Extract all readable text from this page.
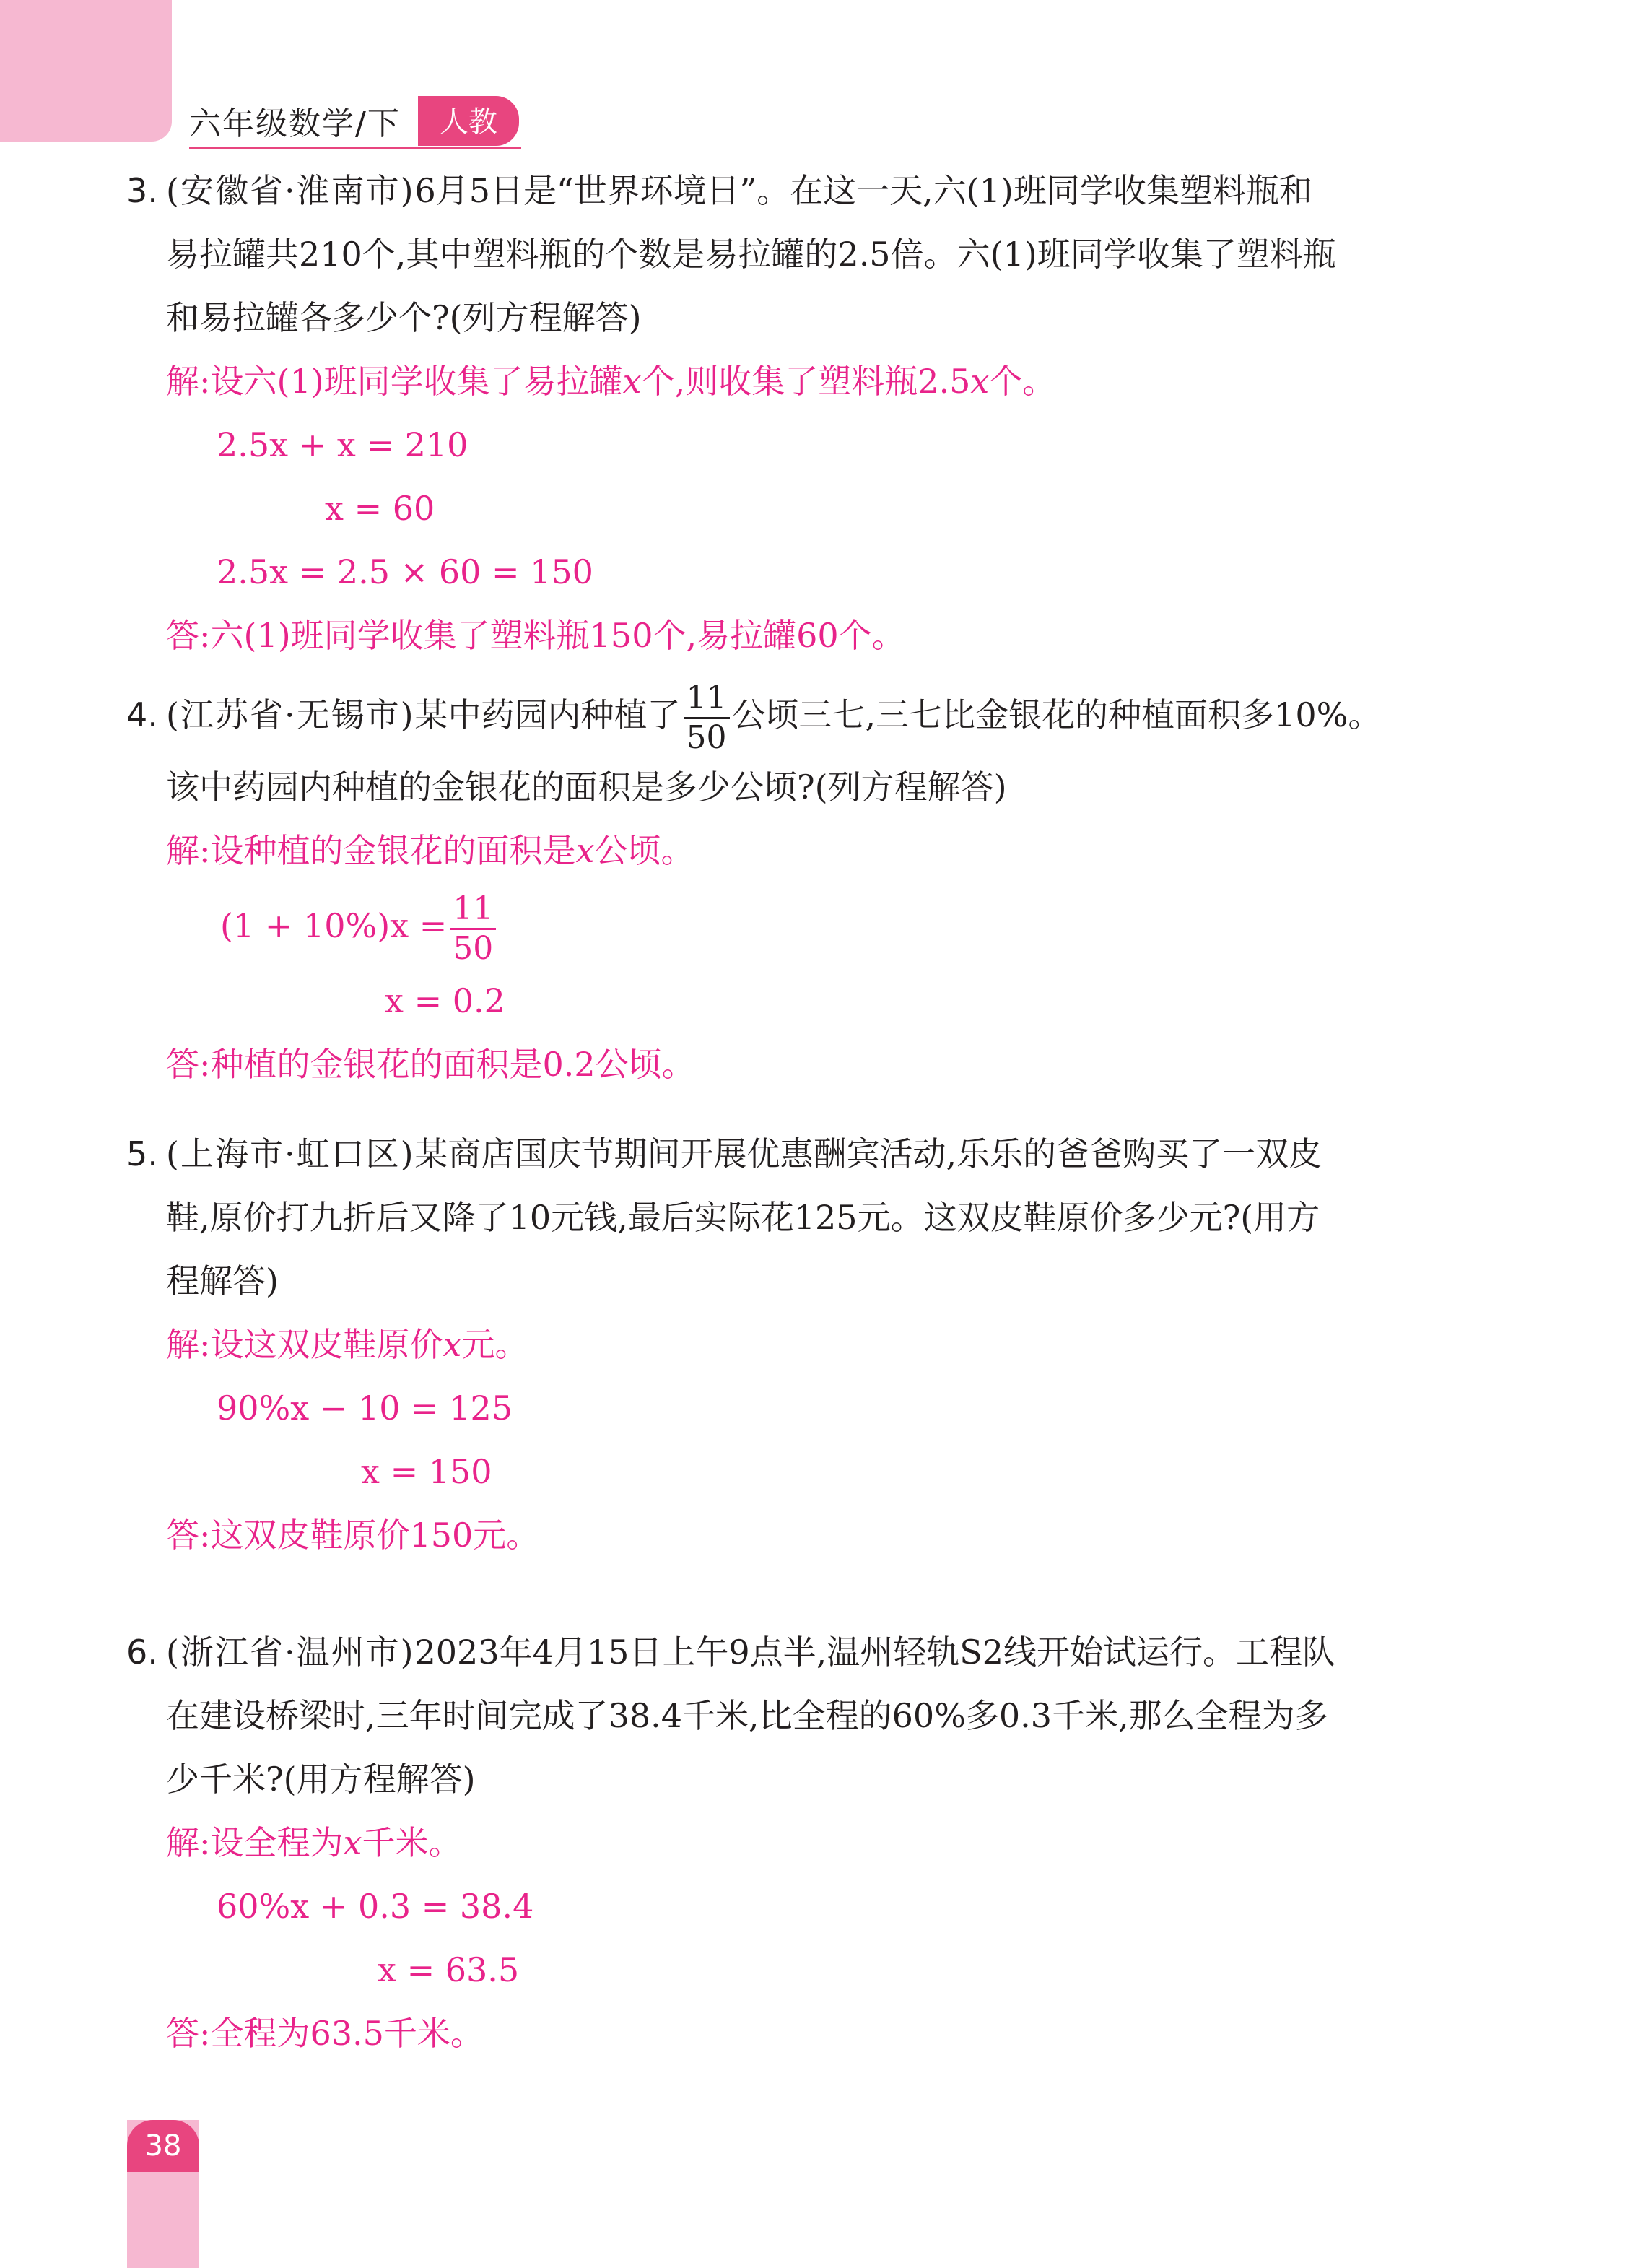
六年级数学/下	人教
3. (安徽省·淮南市)6月5日是“世界环境日”。在这一天,六(1)班同学收集塑料瓶和
易拉罐共210个,其中塑料瓶的个数是易拉罐的2.5倍。六(1)班同学收集了塑料瓶
和易拉罐各多少个?(列方程解答)
解:设六(1)班同学收集了易拉罐x个,则收集了塑料瓶2.5x个。
2.5x + x = 210
x = 60
2.5x = 2.5 × 60 = 150
答:六(1)班同学收集了塑料瓶150个,易拉罐60个。
4. (江苏省·无锡市)某中药园内种植了 $\frac{11}{50}$ 公顷三七,三七比金银花的种植面积多10%。
该中药园内种植的金银花的面积是多少公顷?(列方程解答)
解:设种植的金银花的面积是x公顷。
$(1 + 10\%)x = \frac{11}{50}$
x = 0.2
答:种植的金银花的面积是0.2公顷。
5. (上海市·虹口区)某商店国庆节期间开展优惠酬宾活动,乐乐的爸爸购买了一双皮
鞋,原价打九折后又降了10元钱,最后实际花125元。这双皮鞋原价多少元?(用方
程解答)
解:设这双皮鞋原价x元。
90%x − 10 = 125
x = 150
答:这双皮鞋原价150元。
6. (浙江省·温州市)2023年4月15日上午9点半,温州轻轨S2线开始试运行。工程队
在建设桥梁时,三年时间完成了38.4千米,比全程的60%多0.3千米,那么全程为多
少千米?(用方程解答)
解:设全程为x千米。
60%x + 0.3 = 38.4
x = 63.5
答:全程为63.5千米。
38
